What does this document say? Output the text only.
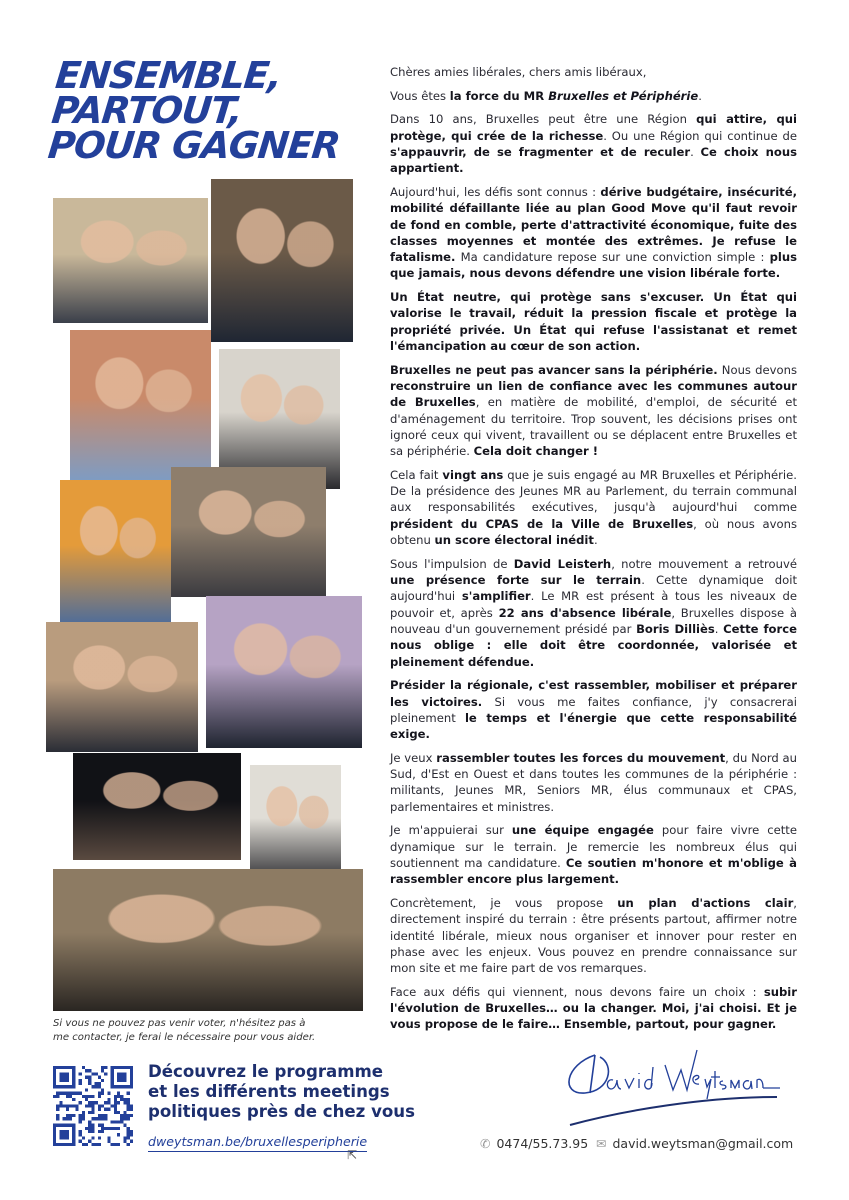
ENSEMBLE,
PARTOUT,
POUR GAGNER

Chères amies libérales, chers amis libéraux,

Vous êtes la force du MR Bruxelles et Périphérie.

Dans 10 ans, Bruxelles peut être une Région qui attire, qui protège, qui crée de la richesse. Ou une Région qui continue de s'appauvrir, de se fragmenter et de reculer. Ce choix nous appartient.

Aujourd'hui, les défis sont connus : dérive budgétaire, insécurité, mobilité défaillante liée au plan Good Move qu'il faut revoir de fond en comble, perte d'attractivité économique, fuite des classes moyennes et montée des extrêmes. Je refuse le fatalisme. Ma candidature repose sur une conviction simple : plus que jamais, nous devons défendre une vision libérale forte.

Un État neutre, qui protège sans s'excuser. Un État qui valorise le travail, réduit la pression fiscale et protège la propriété privée. Un État qui refuse l'assistanat et remet l'émancipation au cœur de son action.

Bruxelles ne peut pas avancer sans la périphérie. Nous devons reconstruire un lien de confiance avec les communes autour de Bruxelles, en matière de mobilité, d'emploi, de sécurité et d'aménagement du territoire. Trop souvent, les décisions prises ont ignoré ceux qui vivent, travaillent ou se déplacent entre Bruxelles et sa périphérie. Cela doit changer !

Cela fait vingt ans que je suis engagé au MR Bruxelles et Périphérie. De la présidence des Jeunes MR au Parlement, du terrain communal aux responsabilités exécutives, jusqu'à aujourd'hui comme président du CPAS de la Ville de Bruxelles, où nous avons obtenu un score électoral inédit.

Sous l'impulsion de David Leisterh, notre mouvement a retrouvé une présence forte sur le terrain. Cette dynamique doit aujourd'hui s'amplifier. Le MR est présent à tous les niveaux de pouvoir et, après 22 ans d'absence libérale, Bruxelles dispose à nouveau d'un gouvernement présidé par Boris Dilliès. Cette force nous oblige : elle doit être coordonnée, valorisée et pleinement défendue.

Présider la régionale, c'est rassembler, mobiliser et préparer les victoires. Si vous me faites confiance, j'y consacrerai pleinement le temps et l'énergie que cette responsabilité exige.

Je veux rassembler toutes les forces du mouvement, du Nord au Sud, d'Est en Ouest et dans toutes les communes de la périphérie : militants, Jeunes MR, Seniors MR, élus communaux et CPAS, parlementaires et ministres.

Je m'appuierai sur une équipe engagée pour faire vivre cette dynamique sur le terrain. Je remercie les nombreux élus qui soutiennent ma candidature. Ce soutien m'honore et m'oblige à rassembler encore plus largement.

Concrètement, je vous propose un plan d'actions clair, directement inspiré du terrain : être présents partout, affirmer notre identité libérale, mieux nous organiser et innover pour rester en phase avec les enjeux. Vous pouvez en prendre connaissance sur mon site et me faire part de vos remarques.

Face aux défis qui viennent, nous devons faire un choix : subir l'évolution de Bruxelles… ou la changer. Moi, j'ai choisi. Et je vous propose de le faire… Ensemble, partout, pour gagner.

Si vous ne pouvez pas venir voter, n'hésitez pas à
me contacter, je ferai le nécessaire pour vous aider.
Découvrez le programme
et les différents meetings
politiques près de chez vous
dweytsman.be/bruxellesperipherie
⇱
✆ 0474/55.73.95 ✉ david.weytsman@gmail.com
